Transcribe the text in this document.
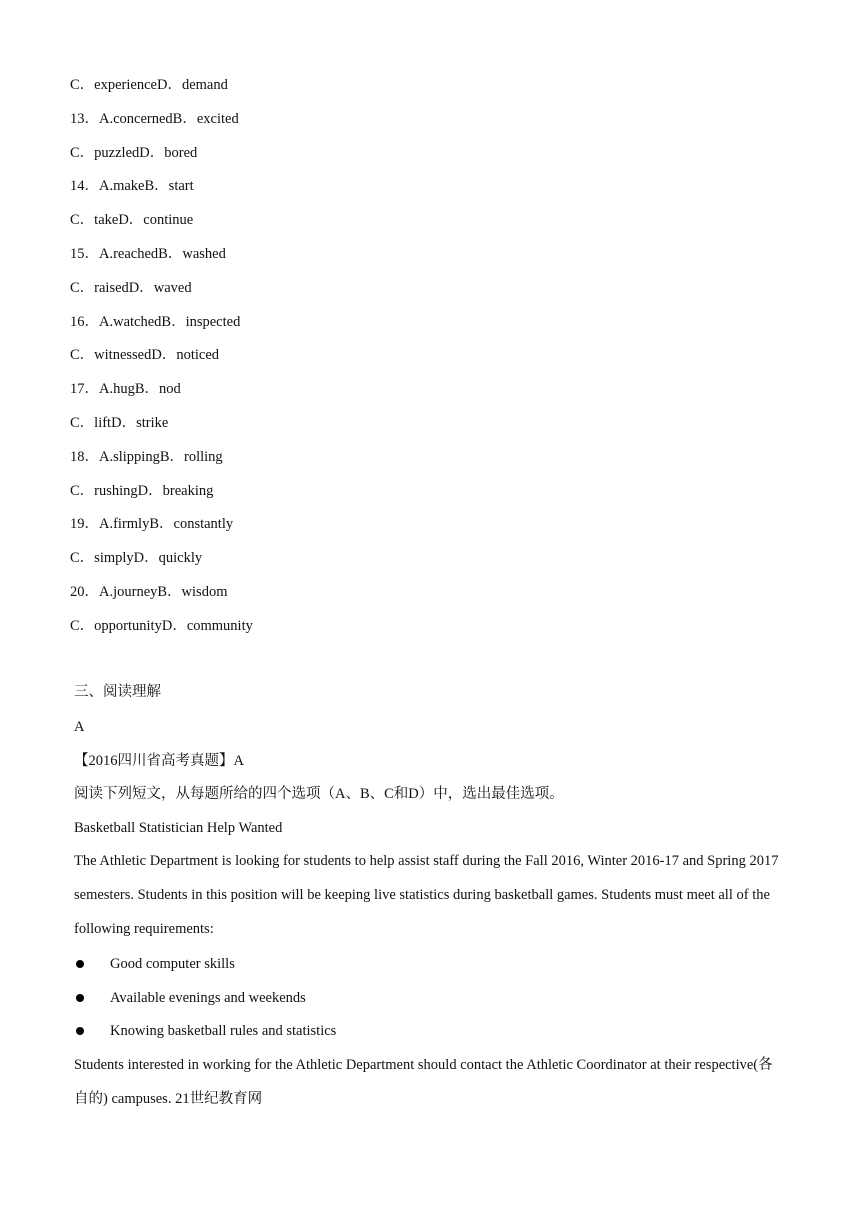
C．experienceD．demand
13．A.concernedB．excited
C．puzzledD．bored
14．A.makeB．start
C．takeD．continue
15．A.reachedB．washed
C．raisedD．waved
16．A.watchedB．inspected
C．witnessedD．noticed
17．A.hugB．nod
C．liftD．strike
18．A.slippingB．rolling
C．rushingD．breaking
19．A.firmlyB．constantly
C．simplyD．quickly
20．A.journeyB．wisdom
C．opportunityD．community
三、阅读理解
A
【2016四川省高考真题】A
阅读下列短文，从每题所给的四个选项（A、B、C和D）中，选出最佳选项。
Basketball Statistician Help Wanted
The Athletic Department is looking for students to help assist staff during the Fall 2016, Winter 2016-17 and Spring 2017 semesters. Students in this position will be keeping live statistics during basketball games. Students must meet all of the following requirements:
Good computer skills
Available evenings and weekends
Knowing basketball rules and statistics
Students interested in working for the Athletic Department should contact the Athletic Coordinator at their respective(各自的) campuses. 21世纪教育网
